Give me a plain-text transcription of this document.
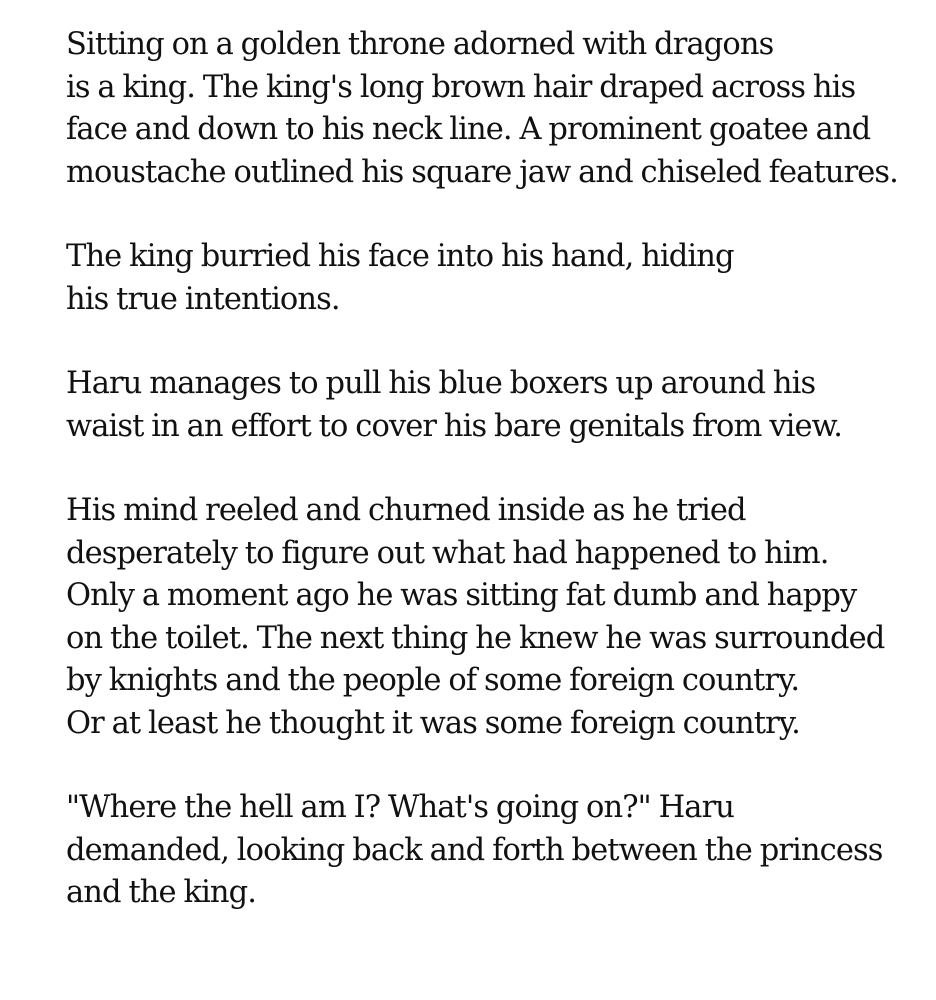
Sitting on a golden throne adorned with dragons
is a king. The king's long brown hair draped across his
face and down to his neck line. A prominent goatee and
moustache outlined his square jaw and chiseled features.

The king burried his face into his hand, hiding
his true intentions.

Haru manages to pull his blue boxers up around his
waist in an effort to cover his bare genitals from view.

His mind reeled and churned inside as he tried
desperately to figure out what had happened to him.
Only a moment ago he was sitting fat dumb and happy
on the toilet. The next thing he knew he was surrounded
by knights and the people of some foreign country.
Or at least he thought it was some foreign country.

"Where the hell am I? What's going on?" Haru
demanded, looking back and forth between the princess
and the king.
